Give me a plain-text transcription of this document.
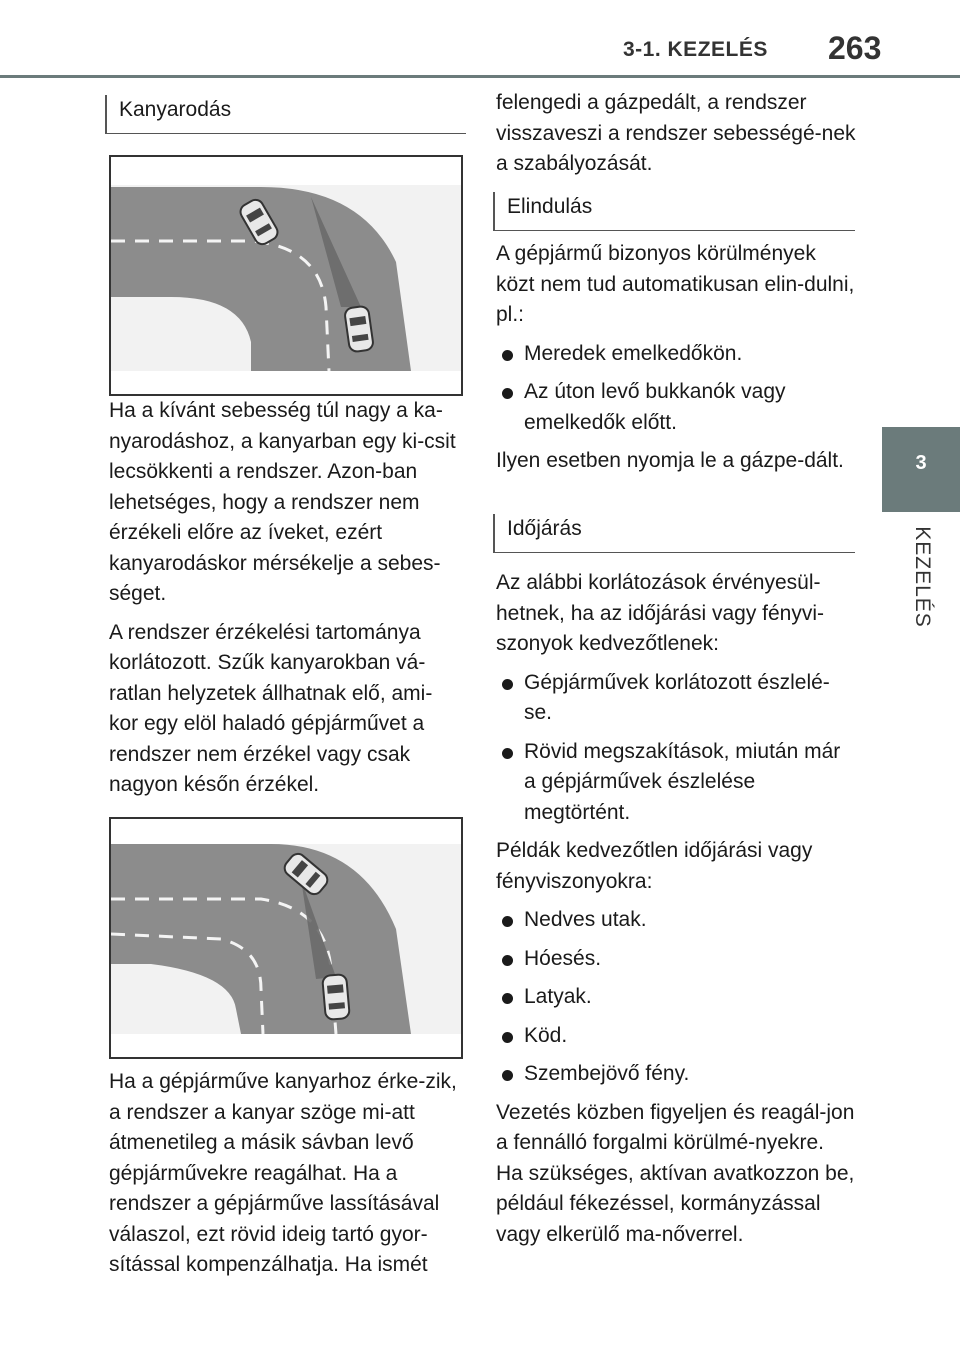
3-1. KEZELÉS 263
3
KEZELÉS
Kanyarodás

Ha a kívánt sebesség túl nagy a ka-nyarodáshoz, a kanyarban egy ki-csit lecsökkenti a rendszer. Azon-ban lehetséges, hogy a rendszer nem érzékeli előre az íveket, ezért kanyarodáskor mérsékelje a sebes-séget.

A rendszer érzékelési tartománya korlátozott. Szűk kanyarokban vá-ratlan helyzetek állhatnak elő, ami-kor egy elöl haladó gépjárművet a rendszer nem érzékel vagy csak nagyon későn érzékel.

Ha a gépjárműve kanyarhoz érke-zik, a rendszer a kanyar szöge mi-att átmenetileg a másik sávban levő gépjárművekre reagálhat. Ha a rendszer a gépjárműve lassításával válaszol, ezt rövid ideig tartó gyor-sítással kompenzálhatja. Ha ismét

felengedi a gázpedált, a rendszer visszaveszi a rendszer sebességé-nek a szabályozását.

Elindulás

A gépjármű bizonyos körülmények közt nem tud automatikusan elin-dulni, pl.:

Meredek emelkedőkön.
Az úton levő bukkanók vagy emelkedők előtt.

Ilyen esetben nyomja le a gázpe-dált.

Időjárás

Az alábbi korlátozások érvényesül-hetnek, ha az időjárási vagy fényvi-szonyok kedvezőtlenek:

Gépjárművek korlátozott észlelé-se.
Rövid megszakítások, miután már a gépjárművek észlelése megtörtént.

Példák kedvezőtlen időjárási vagy fényviszonyokra:

Nedves utak.
Hóesés.
Latyak.
Köd.
Szembejövő fény.

Vezetés közben figyeljen és reagál-jon a fennálló forgalmi körülmé-nyekre. Ha szükséges, aktívan avatkozzon be, például fékezéssel, kormányzással vagy elkerülő ma-nőverrel.
